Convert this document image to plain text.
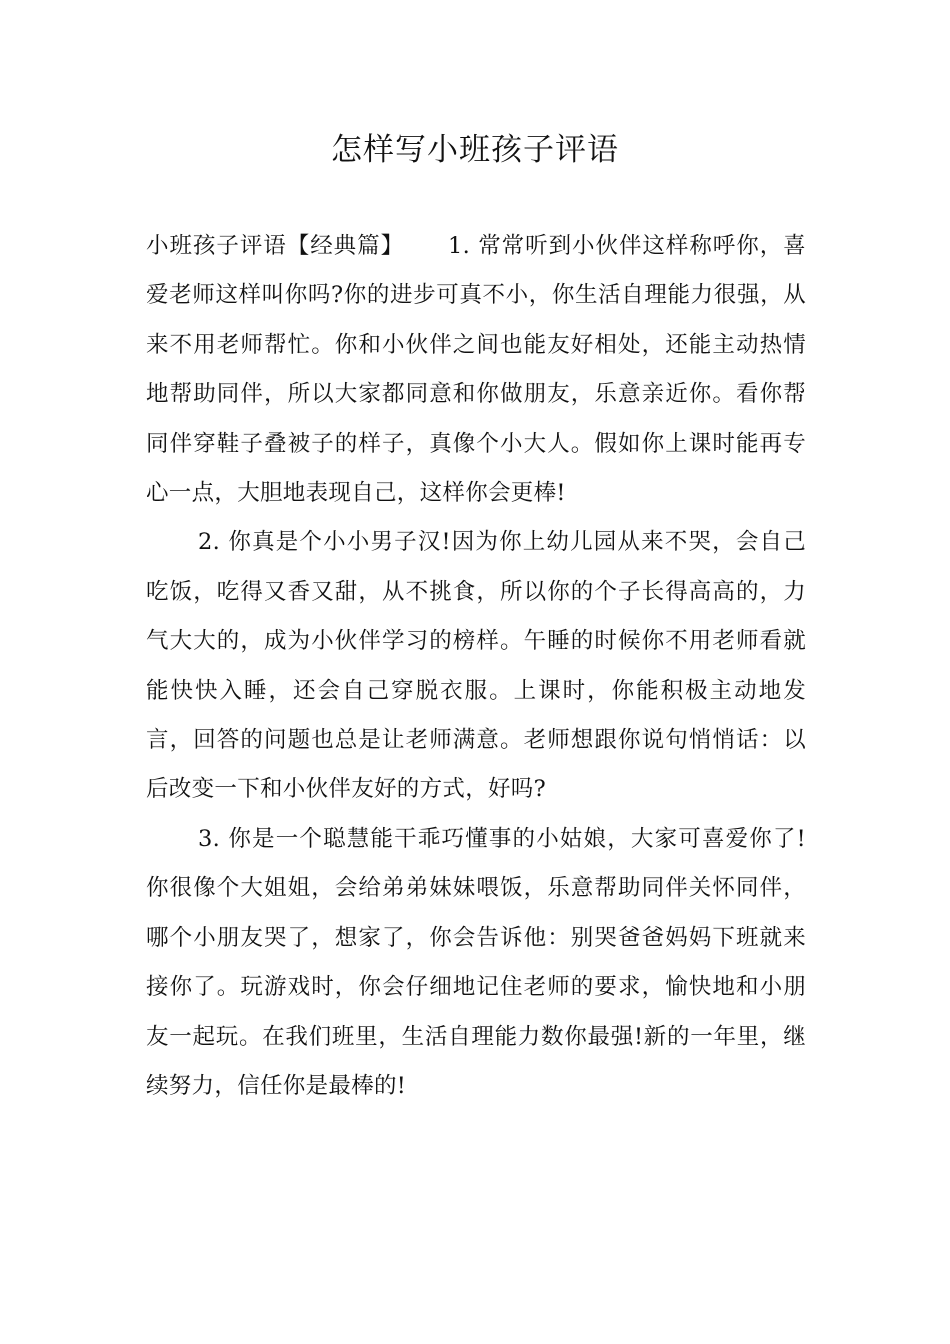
怎样写小班孩子评语

小班孩子评语【经典篇】 1. 常常听到小伙伴这样称呼你，喜爱老师这样叫你吗?你的进步可真不小，你生活自理能力很强，从来不用老师帮忙。你和小伙伴之间也能友好相处，还能主动热情地帮助同伴，所以大家都同意和你做朋友，乐意亲近你。看你帮同伴穿鞋子叠被子的样子，真像个小大人。假如你上课时能再专心一点，大胆地表现自己，这样你会更棒!

2. 你真是个小小男子汉!因为你上幼儿园从来不哭，会自己吃饭，吃得又香又甜，从不挑食，所以你的个子长得高高的，力气大大的，成为小伙伴学习的榜样。午睡的时候你不用老师看就能快快入睡，还会自己穿脱衣服。上课时，你能积极主动地发言，回答的问题也总是让老师满意。老师想跟你说句悄悄话：以后改变一下和小伙伴友好的方式，好吗?

3. 你是一个聪慧能干乖巧懂事的小姑娘，大家可喜爱你了!你很像个大姐姐，会给弟弟妹妹喂饭，乐意帮助同伴关怀同伴，哪个小朋友哭了，想家了，你会告诉他：别哭爸爸妈妈下班就来接你了。玩游戏时，你会仔细地记住老师的要求，愉快地和小朋友一起玩。在我们班里，生活自理能力数你最强!新的一年里，继续努力，信任你是最棒的!
